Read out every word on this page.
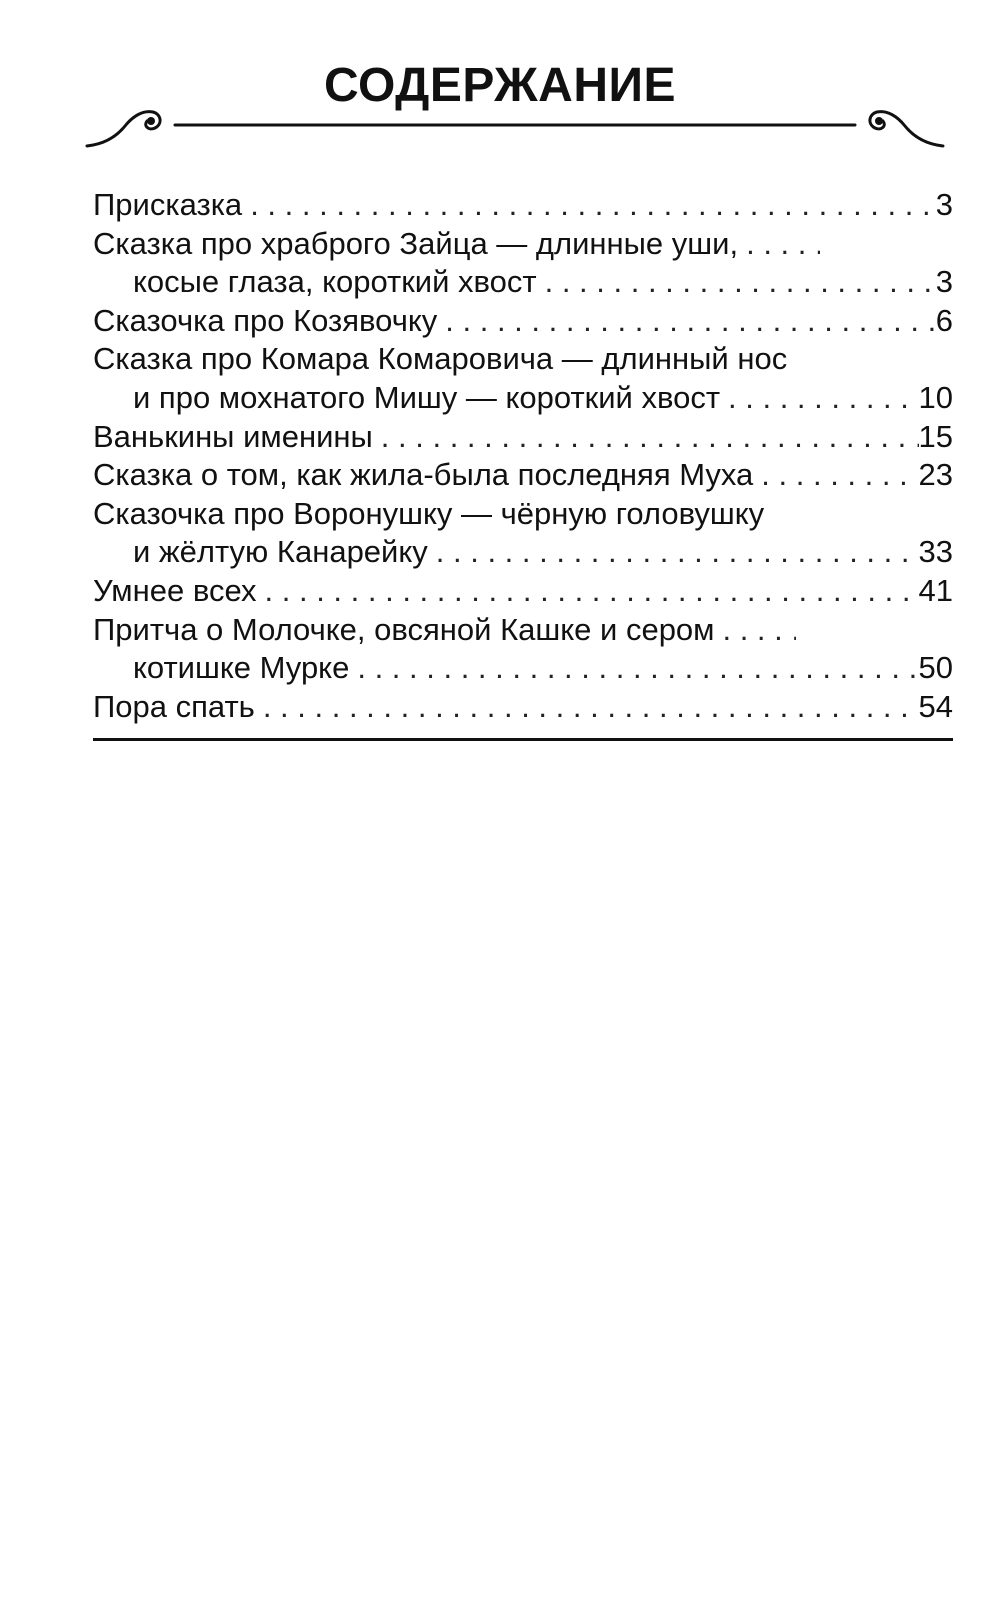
СОДЕРЖАНИЕ
Присказка . . .	3
Сказка про храброго Зайца — длинные уши,
. . .
косые глаза, короткий хвост . . .	3
Сказочка про Козявочку . . .	6
Сказка про Комара Комаровича — длинный нос
и про мохнатого Мишу — короткий хвост . . .	10
Ванькины именины . . .	15
Сказка о том, как жила-была последняя Муха . . .	23
Сказочка про Воронушку — чёрную головушку
и жёлтую Канарейку . . .	33
Умнее всех . . .	41
Притча о Молочке, овсяной Кашке и сером
. . .
котишке Мурке . . .	50
Пора спать . . .	54
